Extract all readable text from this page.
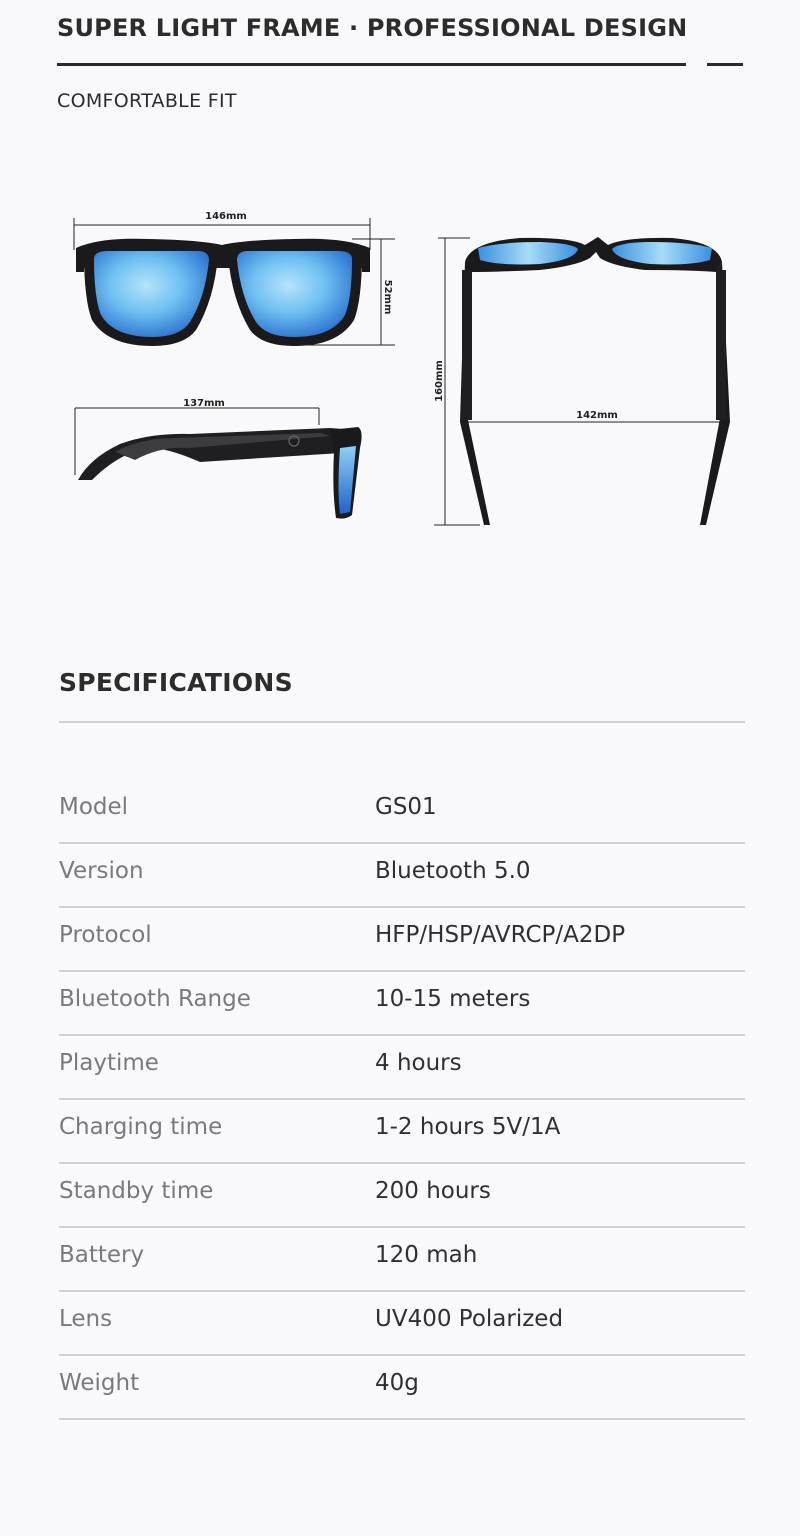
SUPER LIGHT FRAME · PROFESSIONAL DESIGN
COMFORTABLE FIT
146mm
52mm
137mm
160mm
142mm
SPECIFICATIONS
Model	GS01
Version	Bluetooth 5.0
Protocol	HFP/HSP/AVRCP/A2DP
Bluetooth Range	10-15 meters
Playtime	4 hours
Charging time	1-2 hours 5V/1A
Standby time	200 hours
Battery	120 mah
Lens	UV400 Polarized
Weight	40g
